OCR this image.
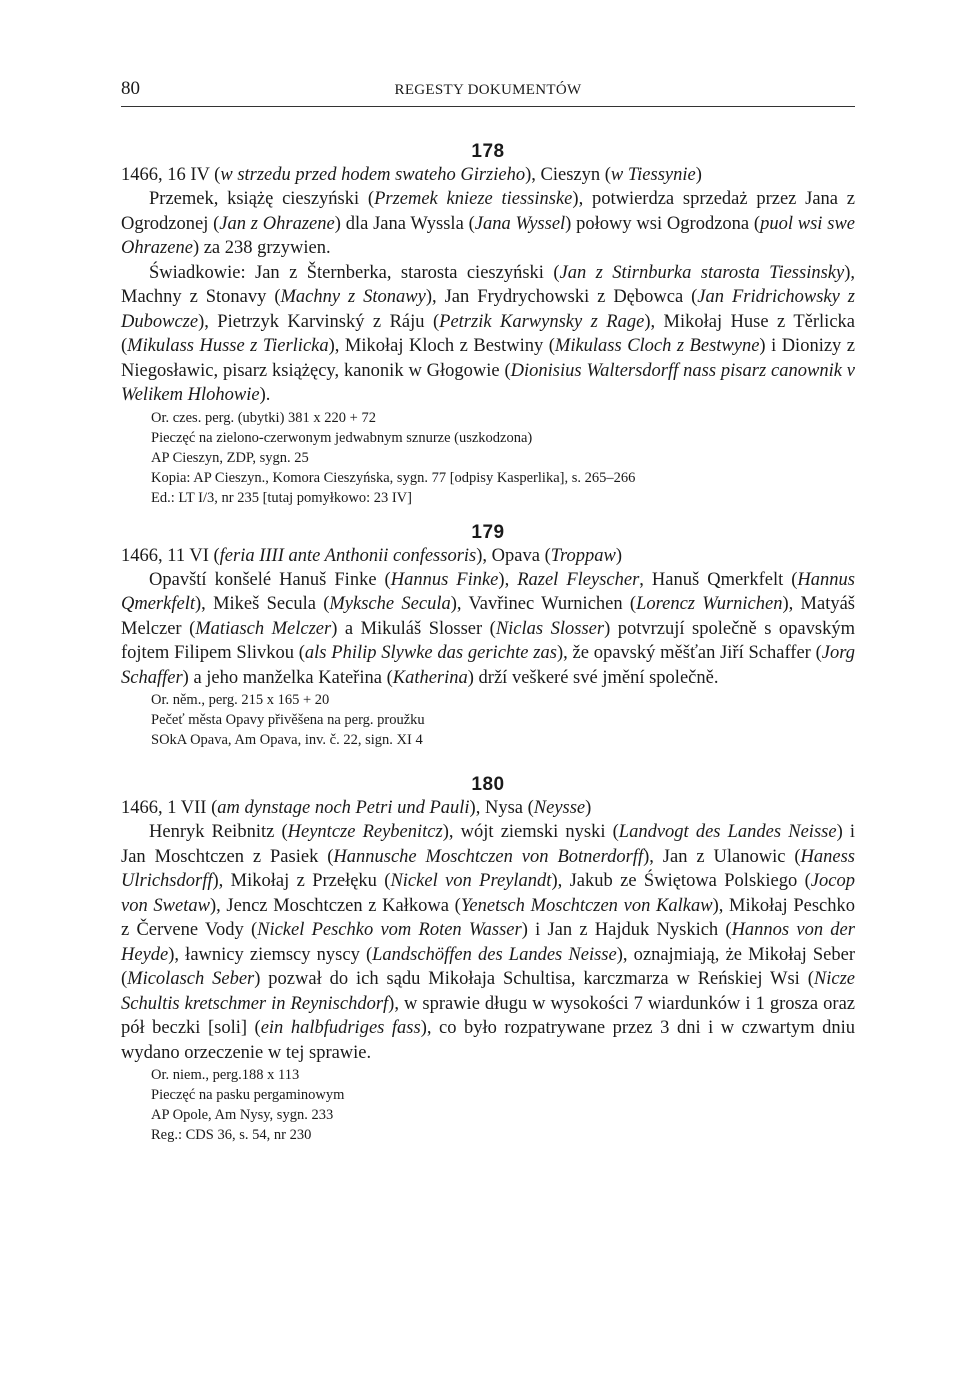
80	REGESTY DOKUMENTÓW
178
1466, 16 IV (w strzedu przed hodem swateho Girzieho), Cieszyn (w Tiessynie)

Przemek, książę cieszyński (Przemek knieze tiessinske), potwierdza sprzedaż przez Jana z Ogrodzonej (Jan z Ohrazene) dla Jana Wyssla (Jana Wyssel) połowy wsi Ogrodzona (puol wsi swe Ohrazene) za 238 grzywien.

Świadkowie: Jan z Šternberka, starosta cieszyński (Jan z Stirnburka starosta Tiessinsky), Machny z Stonavy (Machny z Stonawy), Jan Frydrychowski z Dębowca (Jan Fridrichowsky z Dubowcze), Pietrzyk Karvinský z Ráju (Petrzik Karwynsky z Rage), Mikołaj Huse z Těrlicka (Mikulass Husse z Tierlicka), Mikołaj Kloch z Bestwiny (Mikulass Cloch z Bestwyne) i Dionizy z Niegosławic, pisarz książęcy, kanonik w Głogowie (Dionisius Waltersdorff nass pisarz canownik v Welikem Hlohowie).

Or. czes. perg. (ubytki) 381 x 220 + 72
Pieczęć na zielono-czerwonym jedwabnym sznurze (uszkodzona)
AP Cieszyn, ZDP, sygn. 25
Kopia: AP Cieszyn., Komora Cieszyńska, sygn. 77 [odpisy Kasperlika], s. 265–266
Ed.: LT I/3, nr 235 [tutaj pomyłkowo: 23 IV]
179
1466, 11 VI (feria IIII ante Anthonii confessoris), Opava (Troppaw)

Opavští konšelé Hanuš Finke (Hannus Finke), Razel Fleyscher, Hanuš Qmerkfelt (Hannus Qmerkfelt), Mikeš Secula (Myksche Secula), Vavřinec Wurnichen (Lorencz Wurnichen), Matyáš Melczer (Matiasch Melczer) a Mikuláš Slosser (Niclas Slosser) potvrzují společně s opavským fojtem Filipem Slivkou (als Philip Slywke das gerichte zas), že opavský měšťan Jiří Schaffer (Jorg Schaffer) a jeho manželka Kateřina (Katherina) drží veškeré své jmění společně.

Or. něm., perg. 215 x 165 + 20
Pečeť města Opavy přivěšena na perg. proužku
SOkA Opava, Am Opava, inv. č. 22, sign. XI 4
180
1466, 1 VII (am dynstage noch Petri und Pauli), Nysa (Neysse)

Henryk Reibnitz (Heyntcze Reybenitcz), wójt ziemski nyski (Landvogt des Landes Neisse) i Jan Moschtczen z Pasiek (Hannusche Moschtczen von Botnerdorff), Jan z Ulanowic (Haness Ulrichsdorff), Mikołaj z Przełęku (Nickel von Preylandt), Jakub ze Świętowa Polskiego (Jocop von Swetaw), Jencz Moschtczen z Kałkowa (Yenetsch Moschtczen von Kalkaw), Mikołaj Peschko z Červene Vody (Nickel Peschko vom Roten Wasser) i Jan z Hajduk Nyskich (Hannos von der Heyde), ławnicy ziemscy nyscy (Landschöffen des Landes Neisse), oznajmiają, że Mikołaj Seber (Micolasch Seber) pozwał do ich sądu Mikołaja Schultisa, karczmarza w Reńskiej Wsi (Nicze Schultis kretschmer in Reynischdorf), w sprawie długu w wysokości 7 wiardunków i 1 grosza oraz pół beczki [soli] (ein halbfudriges fass), co było rozpatrywane przez 3 dni i w czwartym dniu wydano orzeczenie w tej sprawie.

Or. niem., perg.188 x 113
Pieczęć na pasku pergaminowym
AP Opole, Am Nysy, sygn. 233
Reg.: CDS 36, s. 54, nr 230
